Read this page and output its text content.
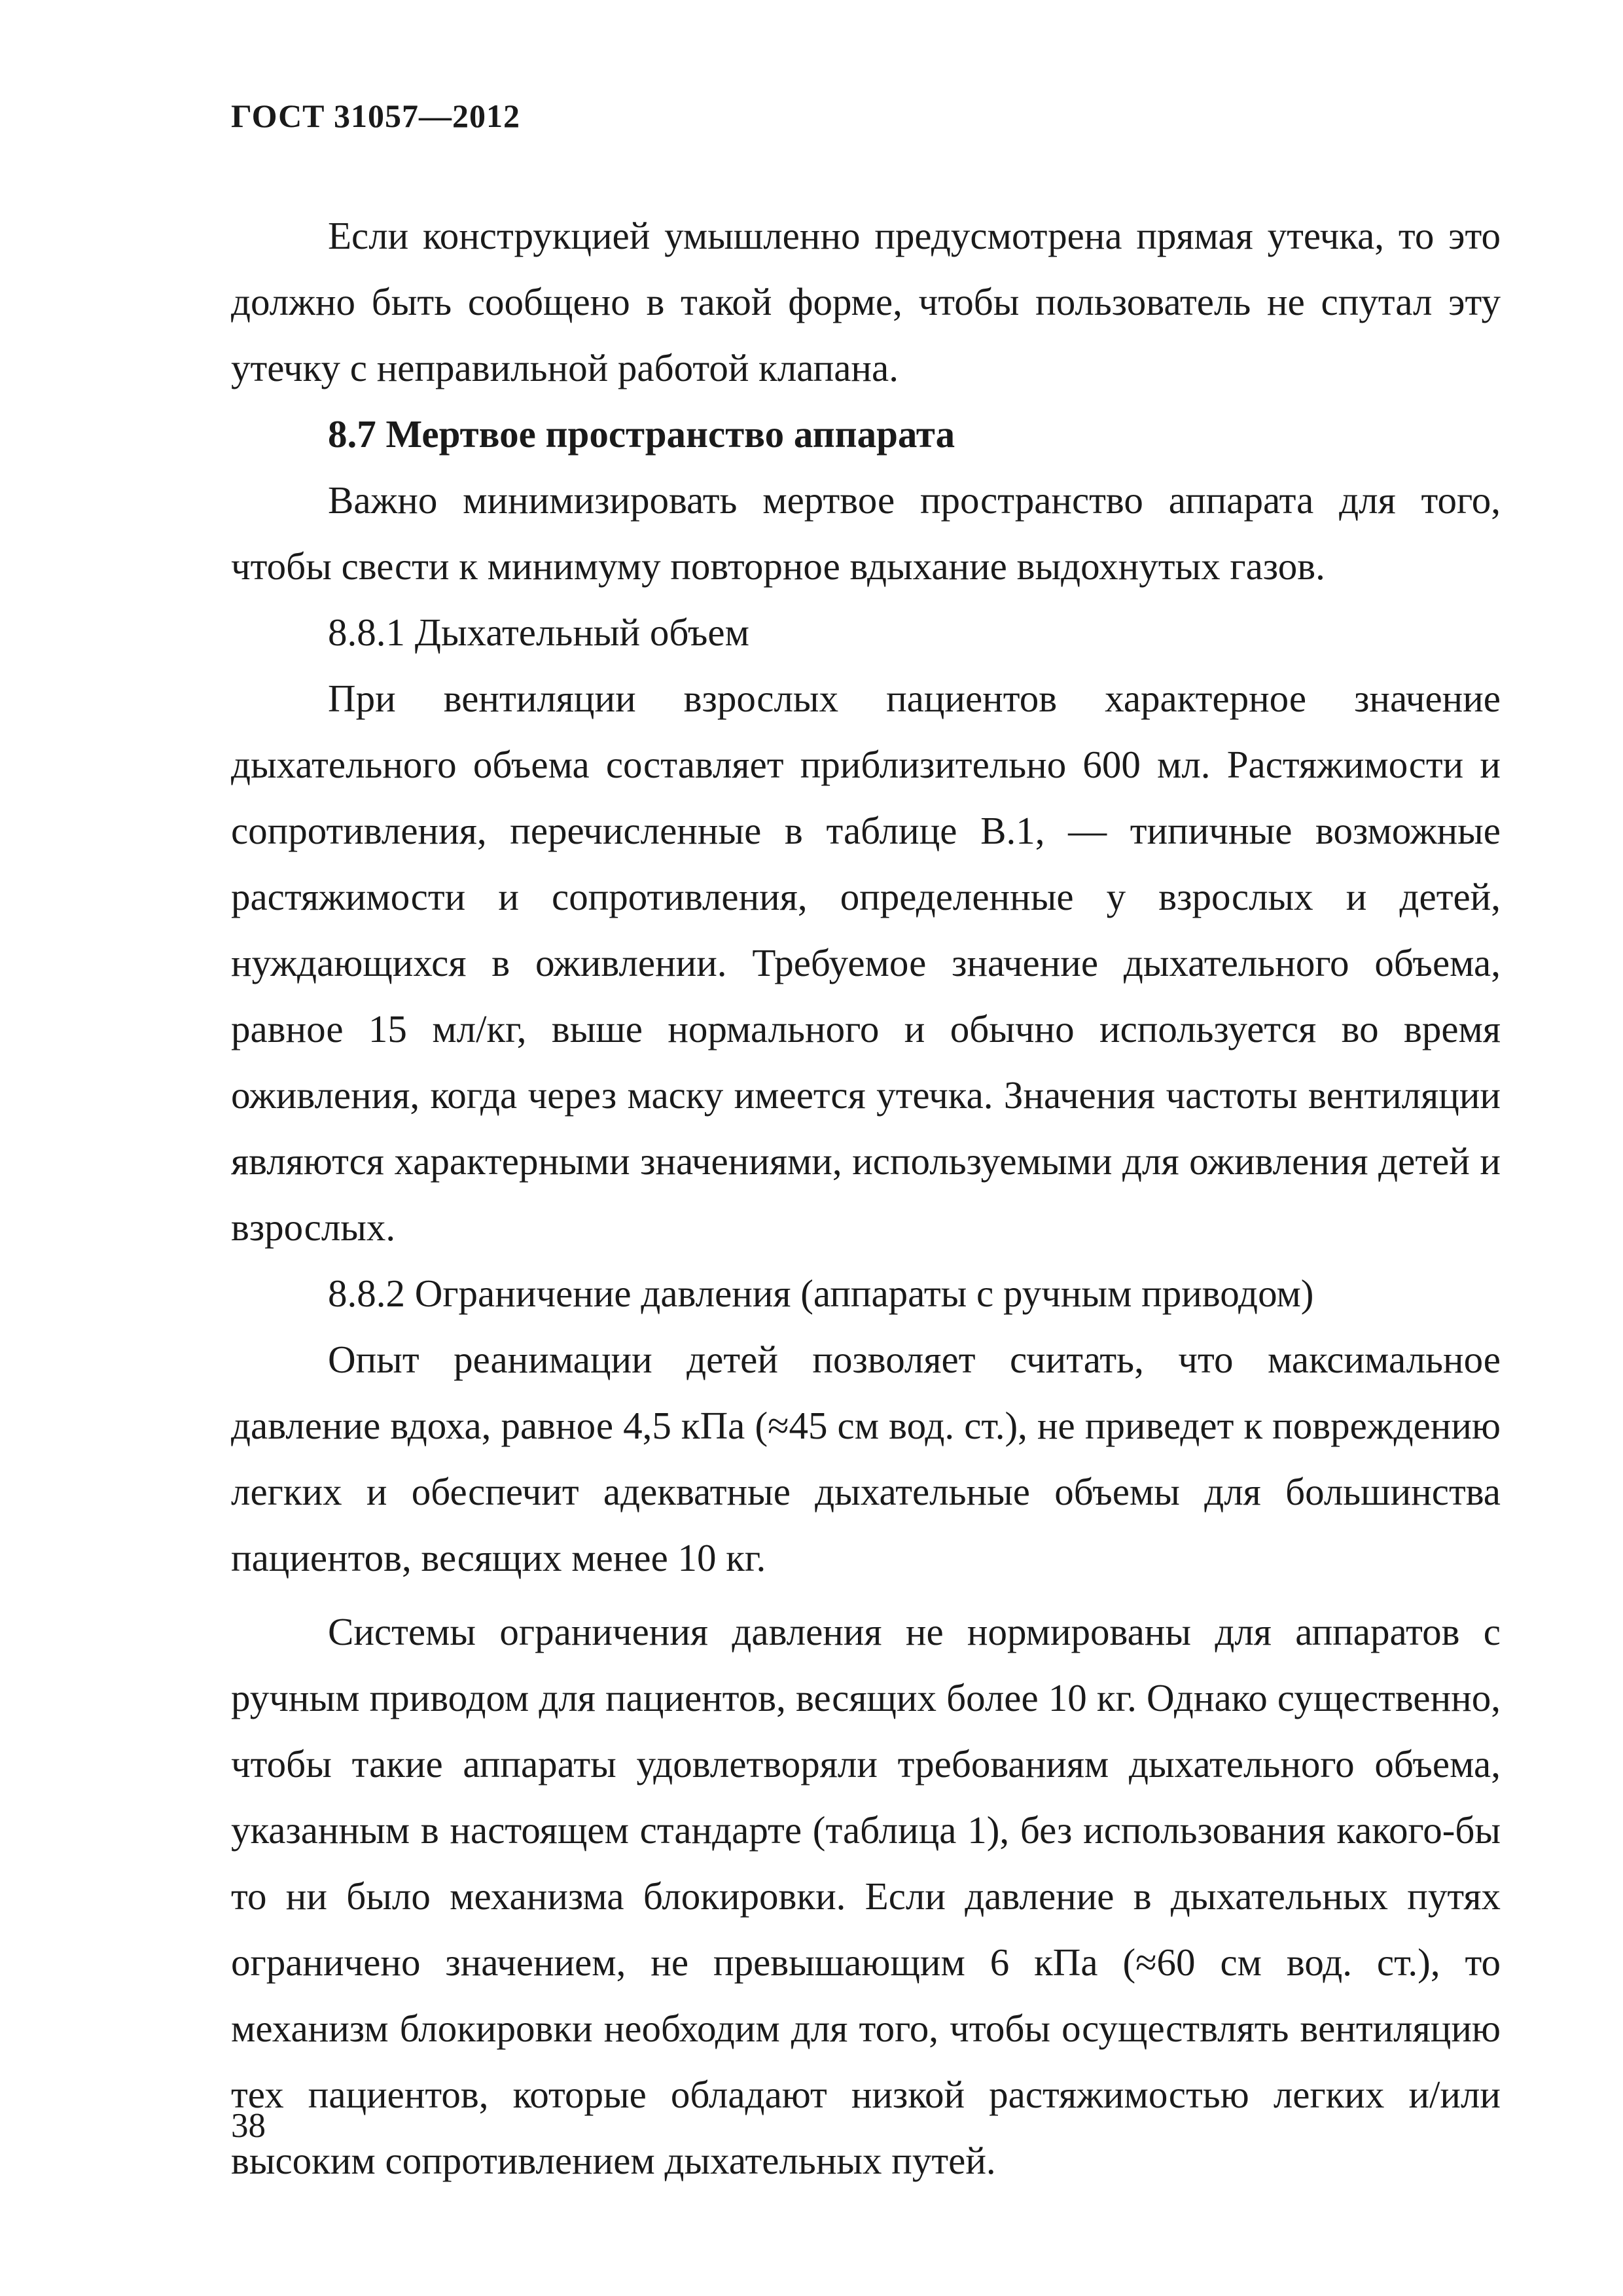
ГОСТ 31057—2012

Если конструкцией умышленно предусмотрена прямая утечка, то это должно быть сообщено в такой форме, чтобы пользователь не спутал эту утечку с неправильной работой клапана.

8.7 Мертвое пространство аппарата

Важно минимизировать мертвое пространство аппарата для того, чтобы свести к минимуму повторное вдыхание выдохнутых газов.

8.8.1 Дыхательный объем

При вентиляции взрослых пациентов характерное значение дыхательного объема составляет приблизительно 600 мл. Растяжимости и сопротивления, перечисленные в таблице В.1, — типичные возможные растяжимости и сопротивления, определенные у взрослых и детей, нуждающихся в оживлении. Требуемое значение дыхательного объема, равное 15 мл/кг, выше нормального и обычно используется во время оживления, когда через маску имеется утечка. Значения частоты вентиляции являются характерными значениями, используемыми для оживления детей и взрослых.

8.8.2 Ограничение давления (аппараты с ручным приводом)

Опыт реанимации детей позволяет считать, что максимальное давление вдоха, равное 4,5 кПа (≈45 см вод. ст.), не приведет к повреждению легких и обеспечит адекватные дыхательные объемы для большинства пациентов, весящих менее 10 кг.

Системы ограничения давления не нормированы для аппаратов с ручным приводом для пациентов, весящих более 10 кг. Однако существенно, чтобы такие аппараты удовлетворяли требованиям дыхательного объема, указанным в настоящем стандарте (таблица 1), без использования какого-бы то ни было механизма блокировки. Если давление в дыхательных путях ограничено значением, не превышающим 6 кПа (≈60 см вод. ст.), то механизм блокировки необходим для того, чтобы осуществлять вентиляцию тех пациентов, которые обладают низкой растяжимостью легких и/или высоким сопротивлением дыхательных путей.

38
